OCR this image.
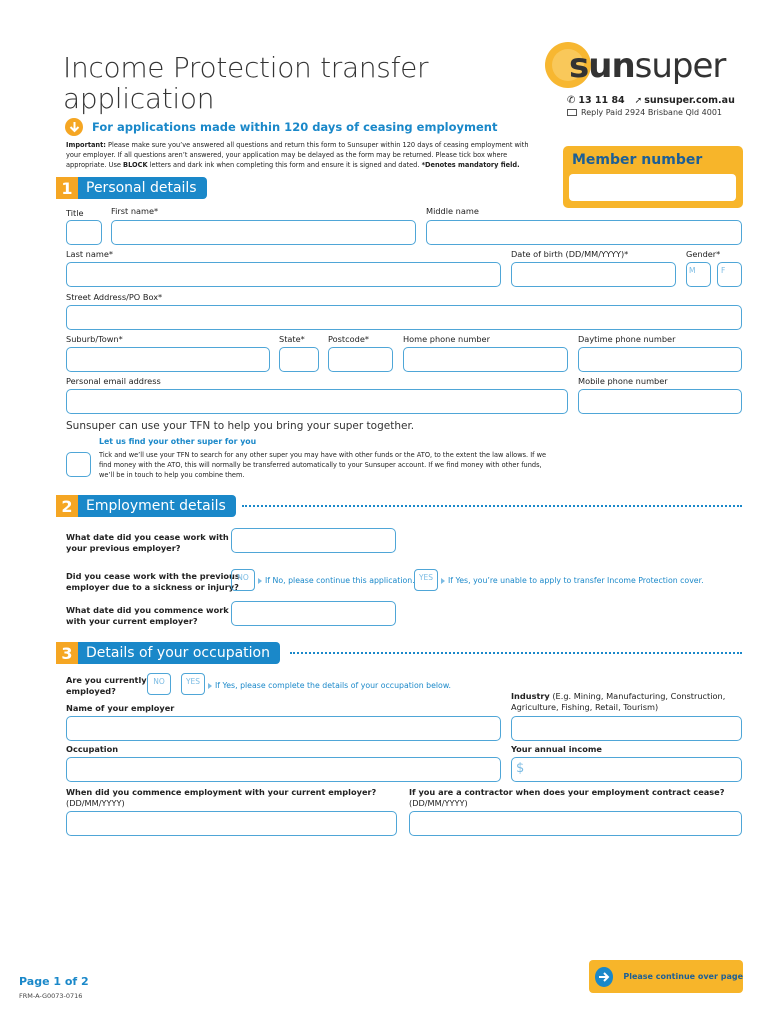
Income Protection transfer
application
For applications made within 120 days of ceasing employment
Important: Please make sure you’ve answered all questions and return this form to Sunsuper within 120 days of ceasing employment with your employer. If all questions aren’t answered, your application may be delayed as the form may be returned. Please tick box where appropriate. Use BLOCK letters and dark ink when completing this form and ensure it is signed and dated. *Denotes mandatory field.
sunsuper
✆ 13 11 84 ➚ sunsuper.com.au
Reply Paid 2924 Brisbane Qld 4001
Member number
1 Personal details
Title	First name*	Middle name
Last name*	Date of birth (DD/MM/YYYY)*	Gender*
M	F
Street Address/PO Box*
Suburb/Town*	State*	Postcode*	Home phone number	Daytime phone number
Personal email address	Mobile phone number
Sunsuper can use your TFN to help you bring your super together.
Let us find your other super for you
Tick and we’ll use your TFN to search for any other super you may have with other funds or the ATO, to the extent the law allows. If we find money with the ATO, this will normally be transferred automatically to your Sunsuper account. If we find money with other funds, we’ll be in touch to help you combine them.
2 Employment details
What date did you cease work with
your previous employer?
Did you cease work with the previous
employer due to a sickness or injury?
NO	If No, please continue this application. YES	If Yes, you’re unable to apply to transfer Income Protection cover.
What date did you commence work
with your current employer?
3 Details of your occupation
Are you currently
employed?
NO	YES	If Yes, please complete the details of your occupation below.
Name of your employer
Industry (E.g. Mining, Manufacturing, Construction,
Agriculture, Fishing, Retail, Tourism)
Occupation	Your annual income
$
When did you commence employment with your current employer?
(DD/MM/YYYY)
If you are a contractor when does your employment contract cease?
(DD/MM/YYYY)
Page 1 of 2
FRM-A-G0073-0716
Please continue over page
